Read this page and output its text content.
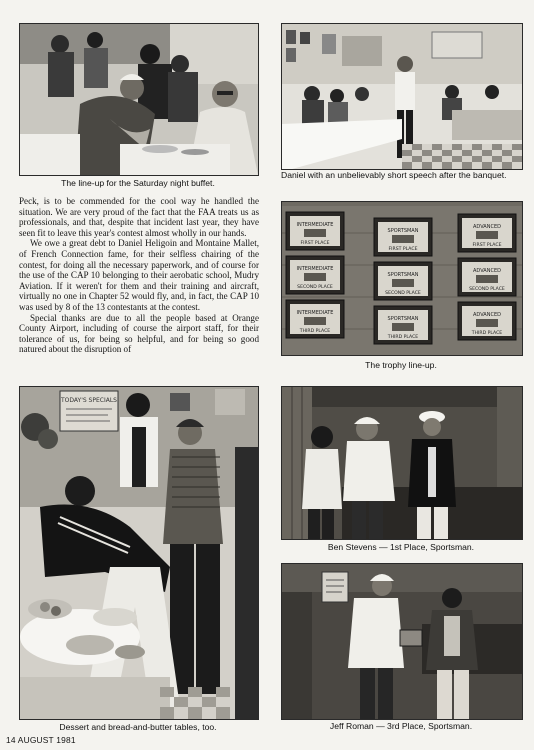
The line-up for the Saturday night buffet.
Daniel with an unbelievably short speech after the banquet.
INTERMEDIATE
FIRST PLACE
INTERMEDIATE
SECOND PLACE
INTERMEDIATE
THIRD PLACE
SPORTSMAN
FIRST PLACE
SPORTSMAN
SECOND PLACE
SPORTSMAN
THIRD PLACE
ADVANCED
FIRST PLACE
ADVANCED
SECOND PLACE
ADVANCED
THIRD PLACE
The trophy line-up.

Peck, is to be commended for the cool way he handled the situation. We are very proud of the fact that the FAA treats us as professionals, and that, despite that incident last year, they have seen fit to leave this year's contest almost wholly in our hands.

We owe a great debt to Daniel Heligoin and Montaine Mallet, of French Connection fame, for their selfless chairing of the contest, for doing all the necessary paperwork, and of course for the use of the CAP 10 belonging to their aerobatic school, Mudry Aviation. If it weren't for them and their training and aircraft, virtually no one in Chapter 52 would fly, and, in fact, the CAP 10 was used by 8 of the 13 contestants at the contest.

Special thanks are due to all the people based at Orange County Airport, including of course the airport staff, for their tolerance of us, for being so helpful, and for being so good natured about the disruption of

TODAY'S SPECIALS
Dessert and bread-and-butter tables, too.
Ben Stevens — 1st Place, Sportsman.
Jeff Roman — 3rd Place, Sportsman.
14 AUGUST 1981
